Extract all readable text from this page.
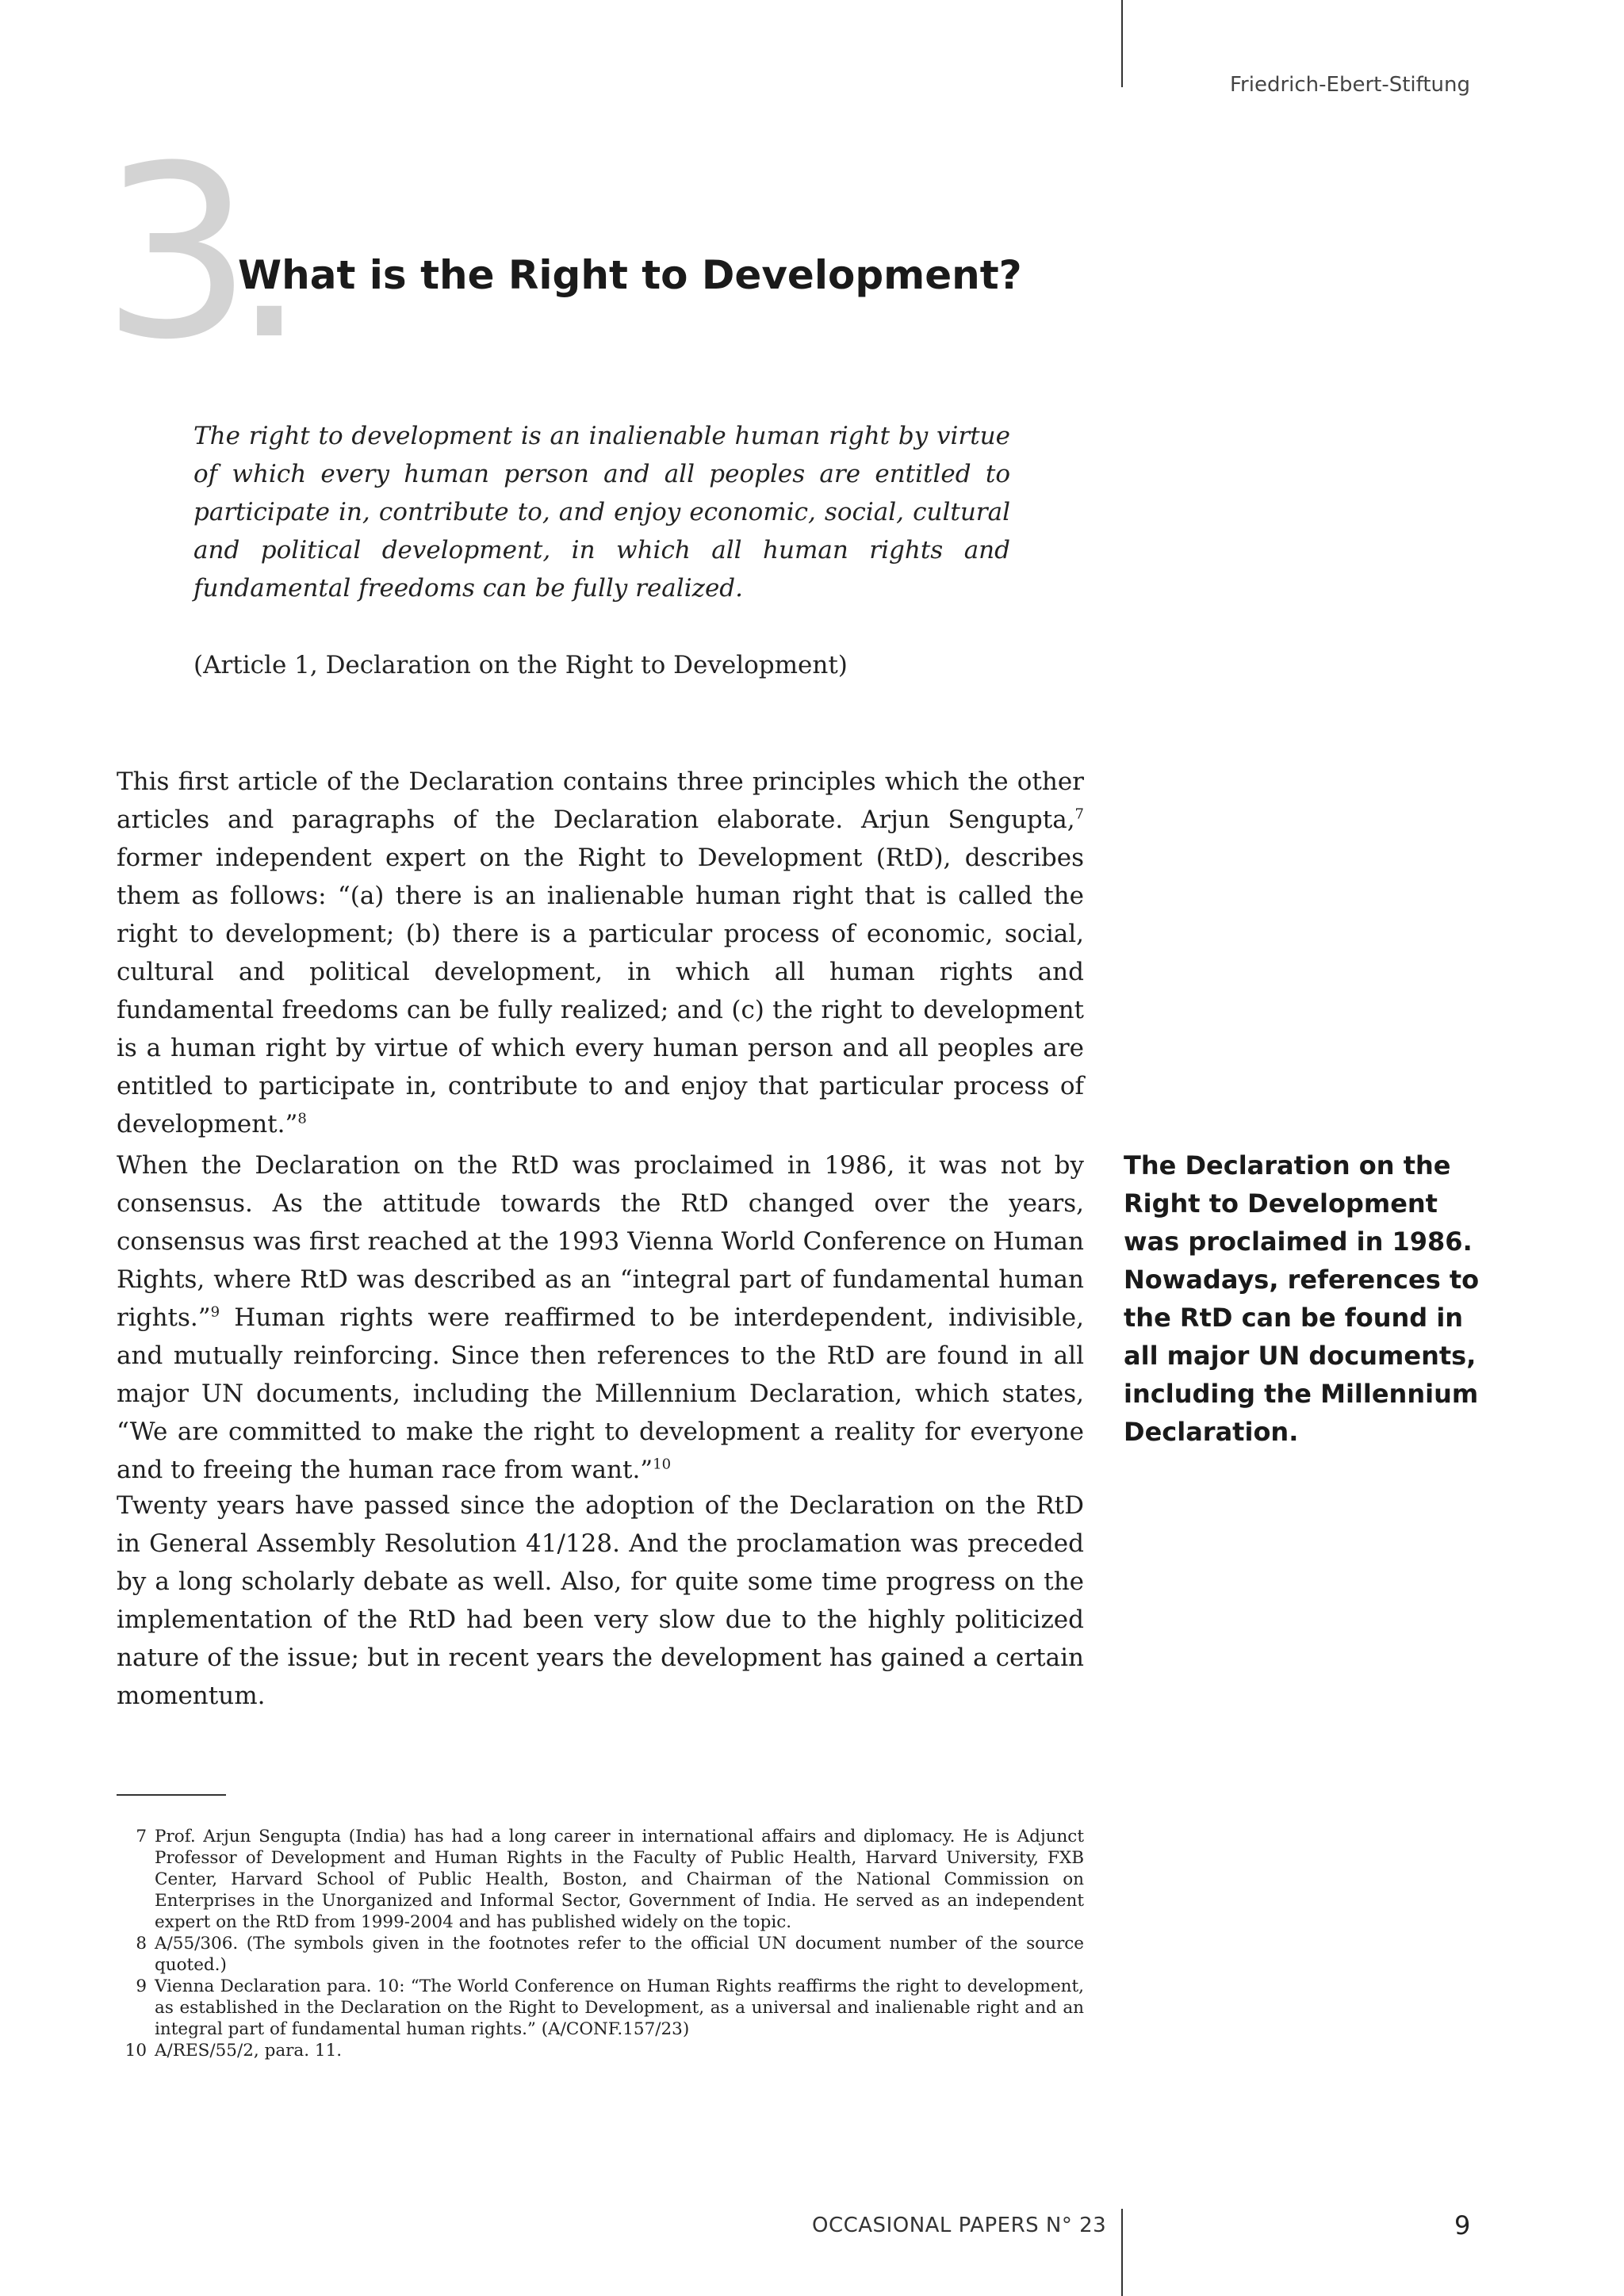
Friedrich-Ebert-Stiftung
3
.
What is the Right to Development?

The right to development is an inalienable human right by virtue of which every human person and all peoples are entitled to participate in, contribute to, and enjoy economic, social, cultural and political development, in which all human rights and fundamental freedoms can be fully realized.

(Article 1, Declaration on the Right to Development)

This first article of the Declaration contains three principles which the other articles and paragraphs of the Declaration elaborate. Arjun Sengupta,$^7$ former independent expert on the Right to Development (RtD), describes them as follows: “(a) there is an inalienable human right that is called the right to development; (b) there is a particular process of economic, social, cultural and political development, in which all human rights and fundamental freedoms can be fully realized; and (c) the right to development is a human right by virtue of which every human person and all peoples are entitled to participate in, contribute to and enjoy that particular process of development.”$^8$

When the Declaration on the RtD was proclaimed in 1986, it was not by consensus. As the attitude towards the RtD changed over the years, consensus was first reached at the 1993 Vienna World Conference on Human Rights, where RtD was described as an “integral part of fundamental human rights.”$^9$ Human rights were reaffirmed to be interdependent, indivisible, and mutually reinforcing. Since then references to the RtD are found in all major UN documents, including the Millennium Declaration, which states, “We are committed to make the right to development a reality for everyone and to freeing the human race from want.”$^{10}$

Twenty years have passed since the adoption of the Declaration on the RtD in General Assembly Resolution 41/128. And the proclamation was preceded by a long scholarly debate as well. Also, for quite some time progress on the implementation of the RtD had been very slow due to the highly politicized nature of the issue; but in recent years the development has gained a certain momentum.

The Declaration on the Right to Development was proclaimed in 1986. Nowadays, references to the RtD can be found in all major UN documents, including the Millennium Declaration.

7 Prof. Arjun Sengupta (India) has had a long career in international affairs and diplomacy. He is Adjunct Professor of Development and Human Rights in the Faculty of Public Health, Harvard University, FXB Center, Harvard School of Public Health, Boston, and Chairman of the National Commission on Enterprises in the Unorganized and Informal Sector, Government of India. He served as an independent expert on the RtD from 1999-2004 and has published widely on the topic.
8 A/55/306. (The symbols given in the footnotes refer to the official UN document number of the source quoted.)
9 Vienna Declaration para. 10: “The World Conference on Human Rights reaffirms the right to development, as established in the Declaration on the Right to Development, as a universal and inalienable right and an integral part of fundamental human rights.” (A/CONF.157/23)
10 A/RES/55/2, para. 11.
OCCASIONAL PAPERS N° 23	9
